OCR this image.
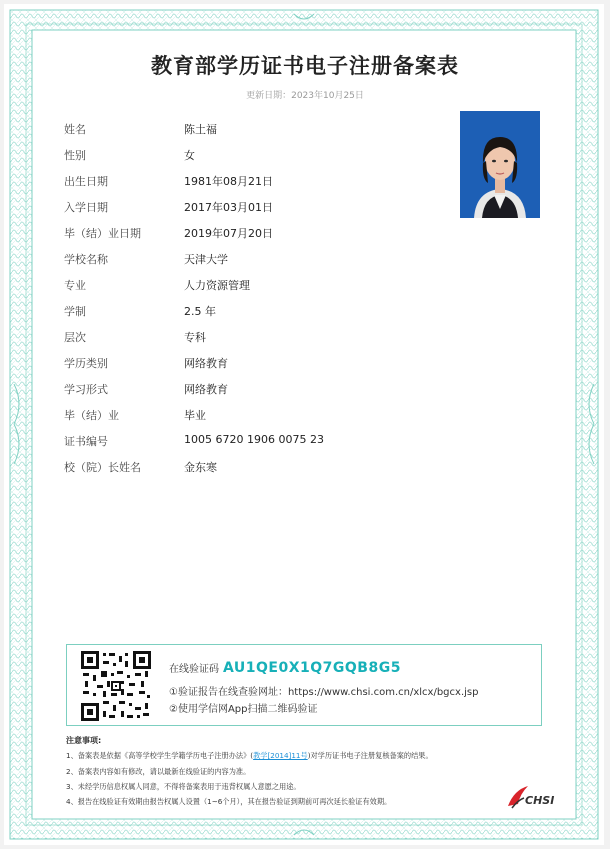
教育部学历证书电子注册备案表
更新日期：2023年10月25日
姓名	陈土福
性别	女
出生日期	1981年08月21日
入学日期	2017年03月01日
毕（结）业日期	2019年07月20日
学校名称	天津大学
专业	人力资源管理
学制	2.5 年
层次	专科
学历类别	网络教育
学习形式	网络教育
毕（结）业	毕业
证书编号	1005 6720 1906 0075 23
校（院）长姓名	金东寒
在线验证码 AU1QE0X1Q7GQB8G5
①验证报告在线查验网址：https://www.chsi.com.cn/xlcx/bgcx.jsp
②使用学信网App扫描二维码验证
注意事项:
1、备案表是依据《高等学校学生学籍学历电子注册办法》(教学[2014]11号)对学历证书电子注册复核备案的结果。
2、备案表内容如有修改，请以最新在线验证的内容为准。
3、未经学历信息权属人同意，不得将备案表用于违背权属人意愿之用途。
4、报告在线验证有效期由报告权属人设置（1~6个月），其在报告验证到期前可再次延长验证有效期。	CHSI
